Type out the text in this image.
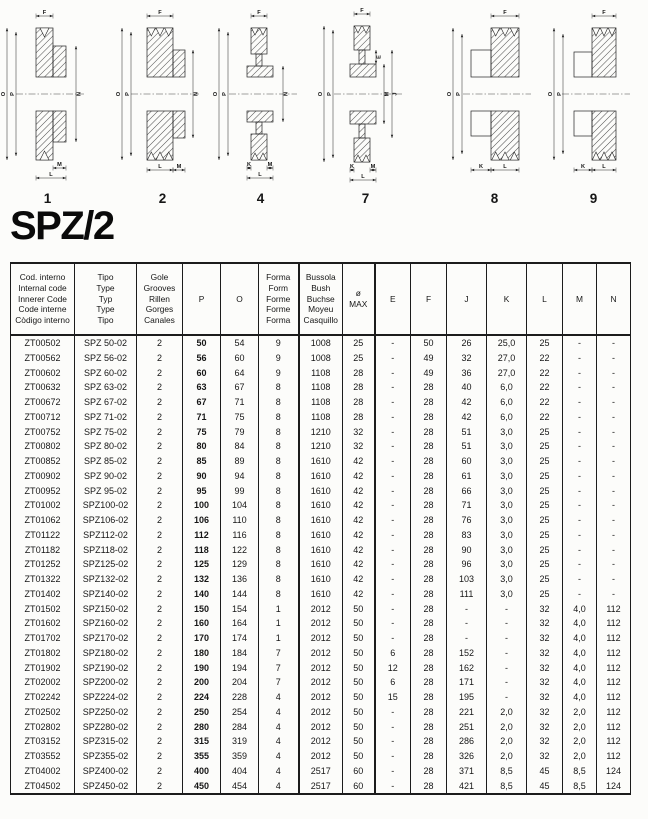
F
O P	N
M
L
1
F
O P	N
L	M
2
F
O P	N
K	M
L
4
F
E
O P	M J
K	M
L
7
F
O P
K	L
8
F
O P
K	L
9
SPZ/2
Cod. interno
Internal code
Innerer Code
Code interne
Còdigo interno

Tipo
Type
Typ
Type
Tipo

Gole
Grooves
Rillen
Gorges
Canales

P	O

Forma
Form
Forme
Forme
Forma

Bussola
Bush
Buchse
Moyeu
Casquillo

ø
MAX

E	F	J	K	L	M	N

ZT00502	SPZ 50-02	2	50	54	9	1008	25	-	50	26	25,0	25	-	-
ZT00562	SPZ 56-02	2	56	60	9	1008	25	-	49	32	27,0	22	-	-
ZT00602	SPZ 60-02	2	60	64	9	1108	28	-	49	36	27,0	22	-	-
ZT00632	SPZ 63-02	2	63	67	8	1108	28	-	28	40	6,0	22	-	-
ZT00672	SPZ 67-02	2	67	71	8	1108	28	-	28	42	6,0	22	-	-
ZT00712	SPZ 71-02	2	71	75	8	1108	28	-	28	42	6,0	22	-	-
ZT00752	SPZ 75-02	2	75	79	8	1210	32	-	28	51	3,0	25	-	-
ZT00802	SPZ 80-02	2	80	84	8	1210	32	-	28	51	3,0	25	-	-
ZT00852	SPZ 85-02	2	85	89	8	1610	42	-	28	60	3,0	25	-	-
ZT00902	SPZ 90-02	2	90	94	8	1610	42	-	28	61	3,0	25	-	-
ZT00952	SPZ 95-02	2	95	99	8	1610	42	-	28	66	3,0	25	-	-
ZT01002	SPZ100-02	2	100	104	8	1610	42	-	28	71	3,0	25	-	-
ZT01062	SPZ106-02	2	106	110	8	1610	42	-	28	76	3,0	25	-	-
ZT01122	SPZ112-02	2	112	116	8	1610	42	-	28	83	3,0	25	-	-
ZT01182	SPZ118-02	2	118	122	8	1610	42	-	28	90	3,0	25	-	-
ZT01252	SPZ125-02	2	125	129	8	1610	42	-	28	96	3,0	25	-	-
ZT01322	SPZ132-02	2	132	136	8	1610	42	-	28	103	3,0	25	-	-
ZT01402	SPZ140-02	2	140	144	8	1610	42	-	28	111	3,0	25	-	-
ZT01502	SPZ150-02	2	150	154	1	2012	50	-	28	-	-	32	4,0	112
ZT01602	SPZ160-02	2	160	164	1	2012	50	-	28	-	-	32	4,0	112
ZT01702	SPZ170-02	2	170	174	1	2012	50	-	28	-	-	32	4,0	112
ZT01802	SPZ180-02	2	180	184	7	2012	50	6	28	152	-	32	4,0	112
ZT01902	SPZ190-02	2	190	194	7	2012	50	12	28	162	-	32	4,0	112
ZT02002	SPZ200-02	2	200	204	7	2012	50	6	28	171	-	32	4,0	112
ZT02242	SPZ224-02	2	224	228	4	2012	50	15	28	195	-	32	4,0	112
ZT02502	SPZ250-02	2	250	254	4	2012	50	-	28	221	2,0	32	2,0	112
ZT02802	SPZ280-02	2	280	284	4	2012	50	-	28	251	2,0	32	2,0	112
ZT03152	SPZ315-02	2	315	319	4	2012	50	-	28	286	2,0	32	2,0	112
ZT03552	SPZ355-02	2	355	359	4	2012	50	-	28	326	2,0	32	2,0	112
ZT04002	SPZ400-02	2	400	404	4	2517	60	-	28	371	8,5	45	8,5	124
ZT04502	SPZ450-02	2	450	454	4	2517	60	-	28	421	8,5	45	8,5	124
